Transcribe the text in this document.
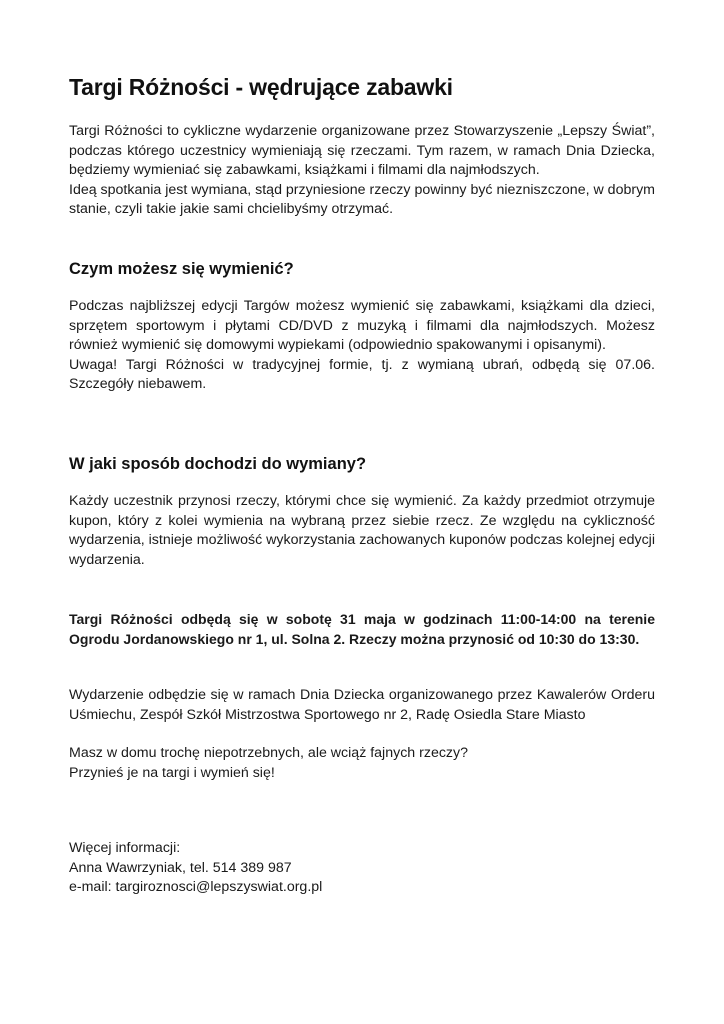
Targi Różności - wędrujące zabawki

Targi Różności to cykliczne wydarzenie organizowane przez Stowarzyszenie „Lepszy Świat”, podczas którego uczestnicy wymieniają się rzeczami. Tym razem, w ramach Dnia Dziecka, będziemy wymieniać się zabawkami, książkami i filmami dla najmłodszych.

Ideą spotkania jest wymiana, stąd przyniesione rzeczy powinny być niezniszczone, w dobrym stanie, czyli takie jakie sami chcielibyśmy otrzymać.

Czym możesz się wymienić?

Podczas najbliższej edycji Targów możesz wymienić się zabawkami, książkami dla dzieci, sprzętem sportowym i płytami CD/DVD z muzyką i filmami dla najmłodszych. Możesz również wymienić się domowymi wypiekami (odpowiednio spakowanymi i opisanymi).

Uwaga! Targi Różności w tradycyjnej formie, tj. z wymianą ubrań, odbędą się 07.06. Szczegóły niebawem.

W jaki sposób dochodzi do wymiany?

Każdy uczestnik przynosi rzeczy, którymi chce się wymienić. Za każdy przedmiot otrzymuje kupon, który z kolei wymienia na wybraną przez siebie rzecz. Ze względu na cykliczność wydarzenia, istnieje możliwość wykorzystania zachowanych kuponów podczas kolejnej edycji wydarzenia.

Targi Różności odbędą się w sobotę 31 maja w godzinach 11:00-14:00 na terenie Ogrodu Jordanowskiego nr 1, ul. Solna 2. Rzeczy można przynosić od 10:30 do 13:30.

Wydarzenie odbędzie się w ramach Dnia Dziecka organizowanego przez Kawalerów Orderu Uśmiechu, Zespół Szkół Mistrzostwa Sportowego nr 2, Radę Osiedla Stare Miasto

Masz w domu trochę niepotrzebnych, ale wciąż fajnych rzeczy?

Przynieś je na targi i wymień się!

Więcej informacji:

Anna Wawrzyniak, tel. 514 389 987

e-mail: targiroznosci@lepszyswiat.org.pl
